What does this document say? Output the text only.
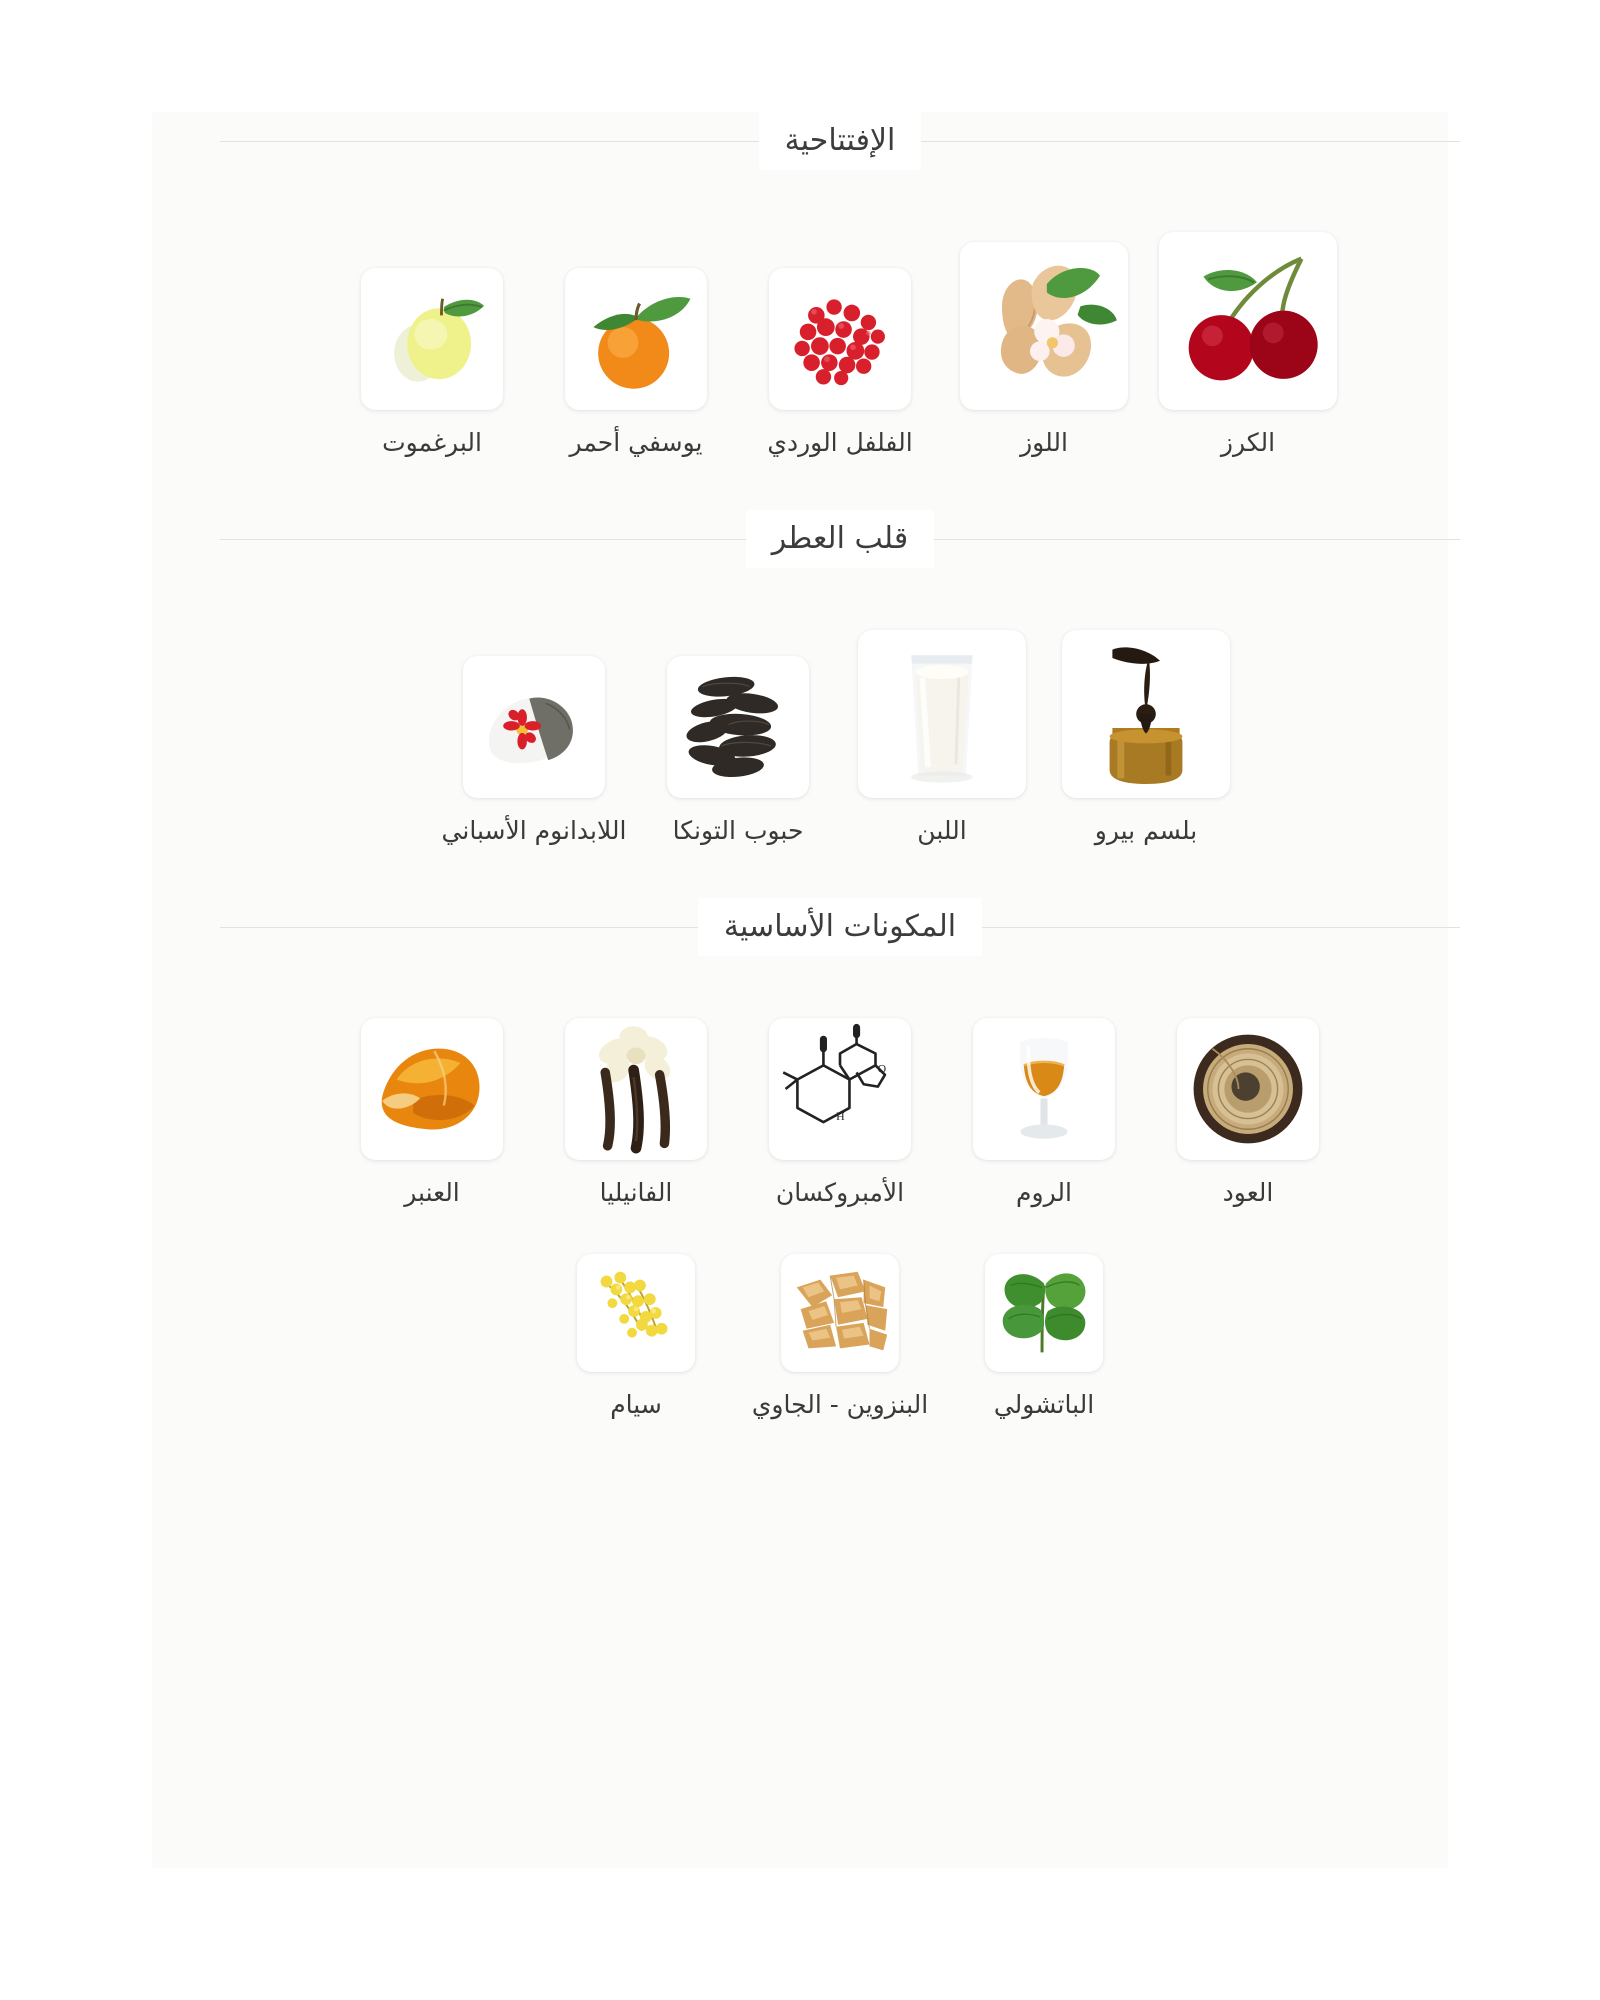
الإفتتاحية
البرغموت	يوسفي أحمر	الفلفل الوردي	اللوز	الكرز
قلب العطر
اللابدانوم الأسباني حبوب التونكا	اللبن	بلسم بيرو
المكونات الأساسية
العنبر	الفانيليا
O
H
الأمبروكسان	الروم	العود
سيام	البنزوين - الجاوي	الباتشولي
